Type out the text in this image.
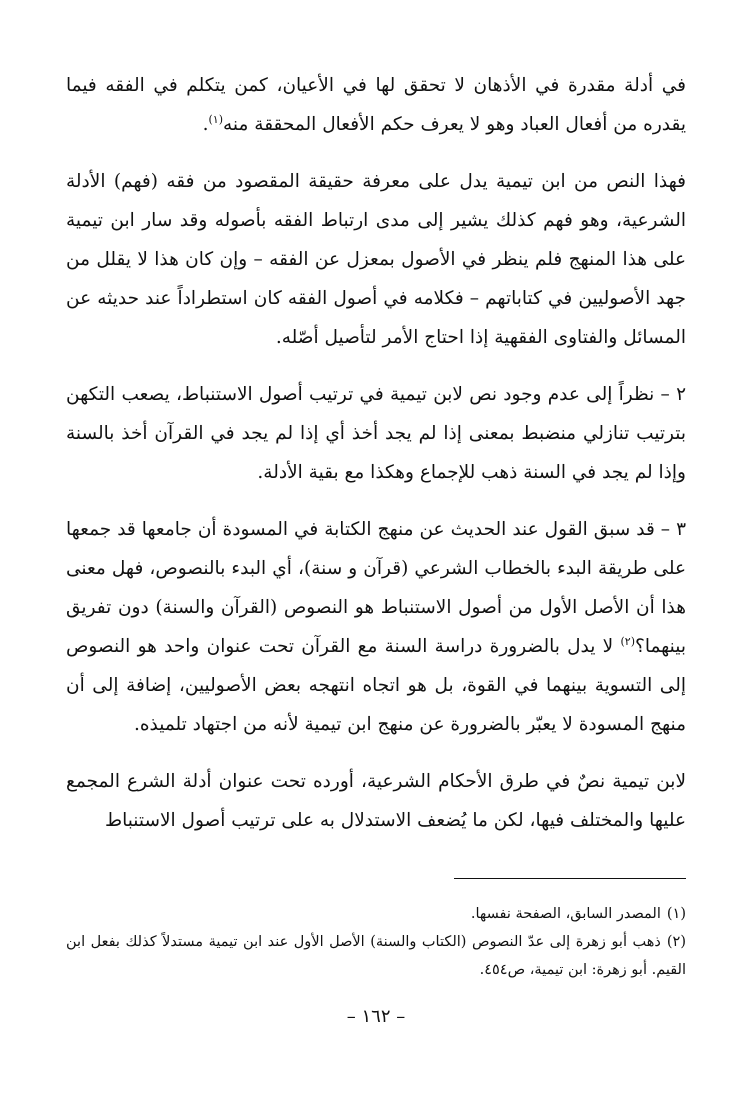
في أدلة مقدرة في الأذهان لا تحقق لها في الأعيان، كمن يتكلم في الفقه فيما يقدره من أفعال العباد وهو لا يعرف حكم الأفعال المحققة منه$^{(١)}$.

فهذا النص من ابن تيمية يدل على معرفة حقيقة المقصود من فقه (فهم) الأدلة الشرعية، وهو فهم كذلك يشير إلى مدى ارتباط الفقه بأصوله وقد سار ابن تيمية على هذا المنهج فلم ينظر في الأصول بمعزل عن الفقه – وإن كان هذا لا يقلل من جهد الأصوليين في كتاباتهم – فكلامه في أصول الفقه كان استطراداً عند حديثه عن المسائل والفتاوى الفقهية إذا احتاج الأمر لتأصيل أصّله.

٢ – نظراً إلى عدم وجود نص لابن تيمية في ترتيب أصول الاستنباط، يصعب التكهن بترتيب تنازلي منضبط بمعنى إذا لم يجد أخذ أي إذا لم يجد في القرآن أخذ بالسنة وإذا لم يجد في السنة ذهب للإجماع وهكذا مع بقية الأدلة.

٣ – قد سبق القول عند الحديث عن منهج الكتابة في المسودة أن جامعها قد جمعها على طريقة البدء بالخطاب الشرعي (قرآن و سنة)، أي البدء بالنصوص، فهل معنى هذا أن الأصل الأول من أصول الاستنباط هو النصوص (القرآن والسنة) دون تفريق بينهما؟$^{(٢)}$ لا يدل بالضرورة دراسة السنة مع القرآن تحت عنوان واحد هو النصوص إلى التسوية بينهما في القوة، بل هو اتجاه انتهجه بعض الأصوليين، إضافة إلى أن منهج المسودة لا يعبّر بالضرورة عن منهج ابن تيمية لأنه من اجتهاد تلميذه.

لابن تيمية نصٌ في طرق الأحكام الشرعية، أورده تحت عنوان أدلة الشرع المجمع عليها والمختلف فيها، لكن ما يُضعف الاستدلال به على ترتيب أصول الاستنباط

(١)المصدر السابق، الصفحة نفسها.

(٢)ذهب أبو زهرة إلى عدّ النصوص (الكتاب والسنة) الأصل الأول عند ابن تيمية مستدلاً كذلك بفعل ابن القيم. أبو زهرة: ابن تيمية، ص٤٥٤.

– ١٦٢ –
